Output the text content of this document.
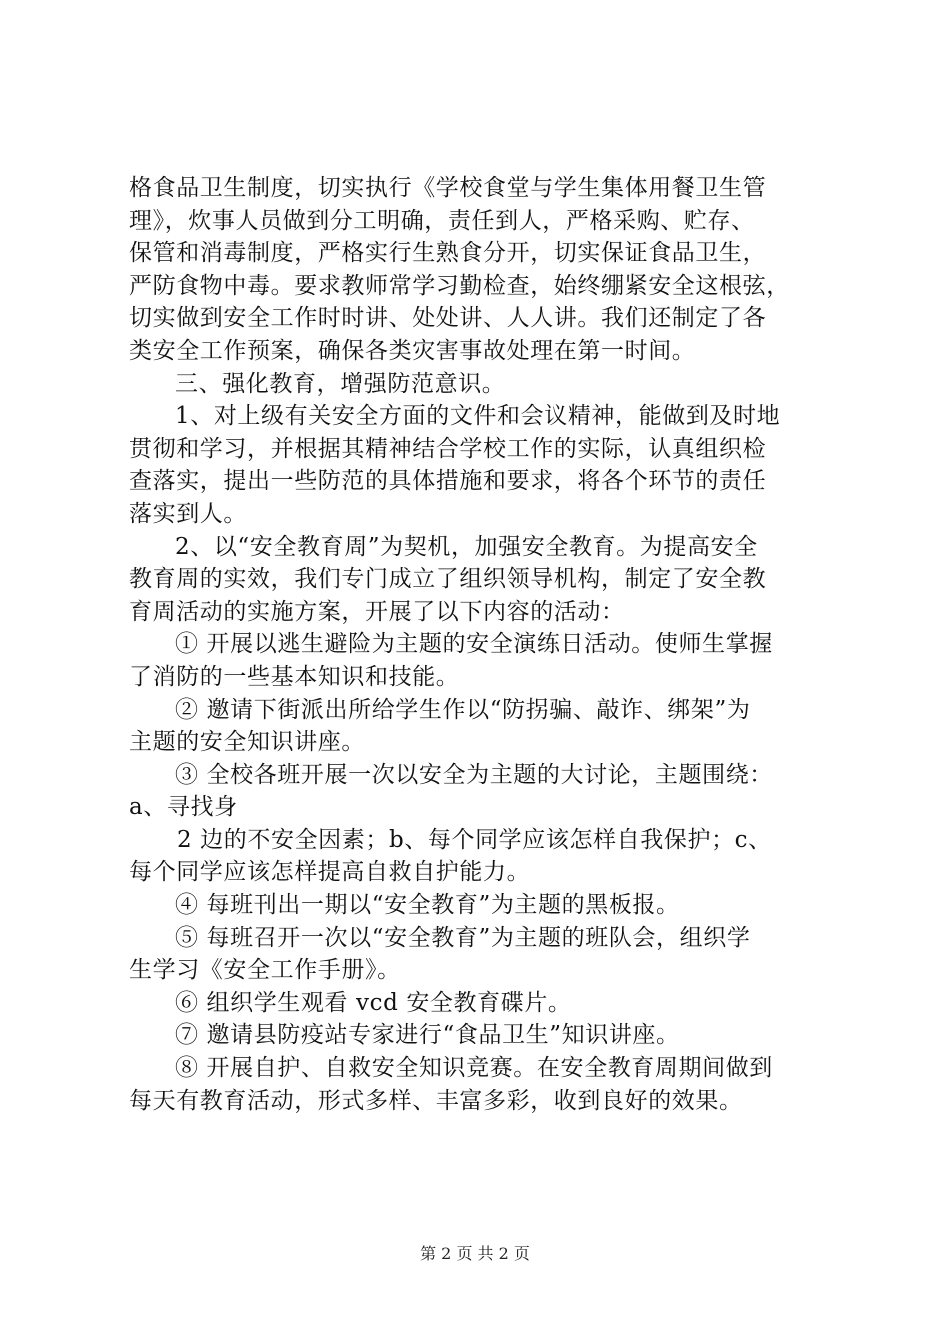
格食品卫生制度，切实执行《学校食堂与学生集体用餐卫生管
理》，炊事人员做到分工明确，责任到人，严格采购、贮存、
保管和消毒制度，严格实行生熟食分开，切实保证食品卫生，
严防食物中毒。要求教师常学习勤检查，始终绷紧安全这根弦，
切实做到安全工作时时讲、处处讲、人人讲。我们还制定了各
类安全工作预案，确保各类灾害事故处理在第一时间。
三、强化教育，增强防范意识。
1、对上级有关安全方面的文件和会议精神，能做到及时地
贯彻和学习，并根据其精神结合学校工作的实际，认真组织检
查落实，提出一些防范的具体措施和要求，将各个环节的责任
落实到人。
2、以“安全教育周”为契机，加强安全教育。为提高安全
教育周的实效，我们专门成立了组织领导机构，制定了安全教
育周活动的实施方案，开展了以下内容的活动：
① 开展以逃生避险为主题的安全演练日活动。使师生掌握
了消防的一些基本知识和技能。
② 邀请下街派出所给学生作以“防拐骗、敲诈、绑架”为
主题的安全知识讲座。
③ 全校各班开展一次以安全为主题的大讨论，主题围绕：
a、寻找身
2 边的不安全因素；b、每个同学应该怎样自我保护；c、
每个同学应该怎样提高自救自护能力。
④ 每班刊出一期以“安全教育”为主题的黑板报。
⑤ 每班召开一次以“安全教育”为主题的班队会，组织学
生学习《安全工作手册》。
⑥ 组织学生观看 vcd 安全教育碟片。
⑦ 邀请县防疫站专家进行“食品卫生”知识讲座。
⑧ 开展自护、自救安全知识竞赛。在安全教育周期间做到
每天有教育活动，形式多样、丰富多彩，收到良好的效果。
第 2 页 共 2 页
